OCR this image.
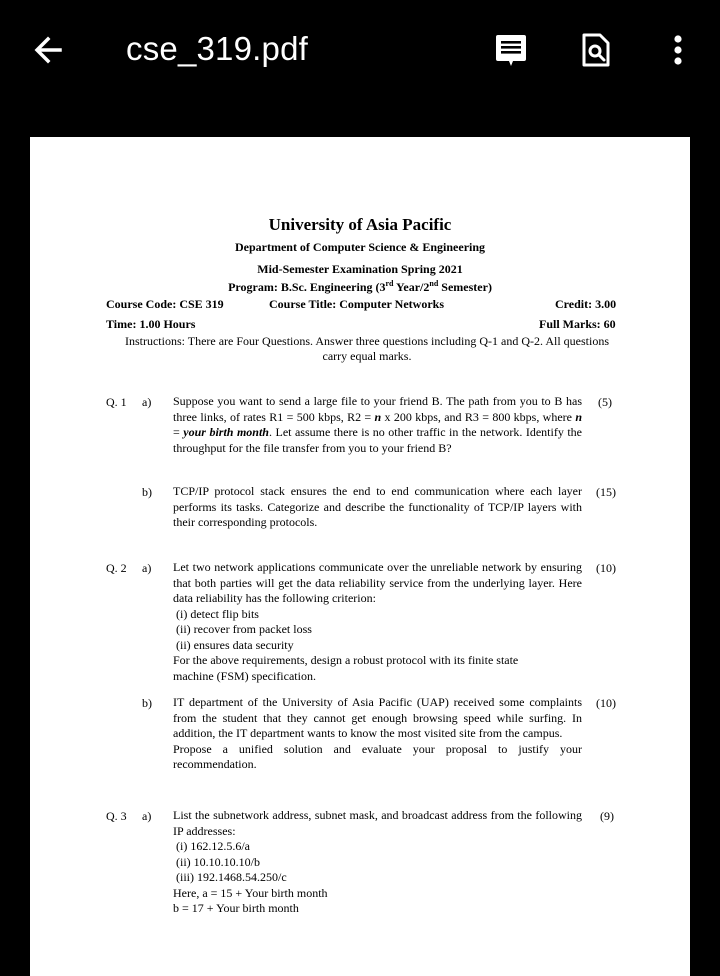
cse_319.pdf
University of Asia Pacific
Department of Computer Science & Engineering
Mid-Semester Examination Spring 2021
Program: B.Sc. Engineering (3rd Year/2nd Semester)
Course Code: CSE 319	Course Title: Computer Networks	Credit: 3.00
Time: 1.00 Hours	Full Marks: 60
Instructions: There are Four Questions. Answer three questions including Q-1 and Q-2. All questions carry equal marks.
Q. 1 a) Suppose you want to send a large file to your friend B. The path from you to B has three links, of rates R1 = 500 kbps, R2 = n x 200 kbps, and R3 = 800 kbps, where n = your birth month. Let assume there is no other traffic in the network. Identify the throughput for the file transfer from you to your friend B?
(5)
b) TCP/IP protocol stack ensures the end to end communication where each layer performs its tasks. Categorize and describe the functionality of TCP/IP layers with their corresponding protocols.
(15)
Q. 2 a) Let two network applications communicate over the unreliable network by ensuring that both parties will get the data reliability service from the underlying layer. Here data reliability has the following criterion:
(i) detect flip bits
(ii) recover from packet loss
(ii) ensures data security
For the above requirements, design a robust protocol with its finite state machine (FSM) specification.
(10)
b) IT department of the University of Asia Pacific (UAP) received some complaints from the student that they cannot get enough browsing speed while surfing. In addition, the IT department wants to know the most visited site from the campus.
Propose a unified solution and evaluate your proposal to justify your recommendation.
(10)
Q. 3 a) List the subnetwork address, subnet mask, and broadcast address from the following IP addresses:
(i) 162.12.5.6/a
(ii) 10.10.10.10/b
(iii) 192.1468.54.250/c
Here, a = 15 + Your birth month
b = 17 + Your birth month
(9)
